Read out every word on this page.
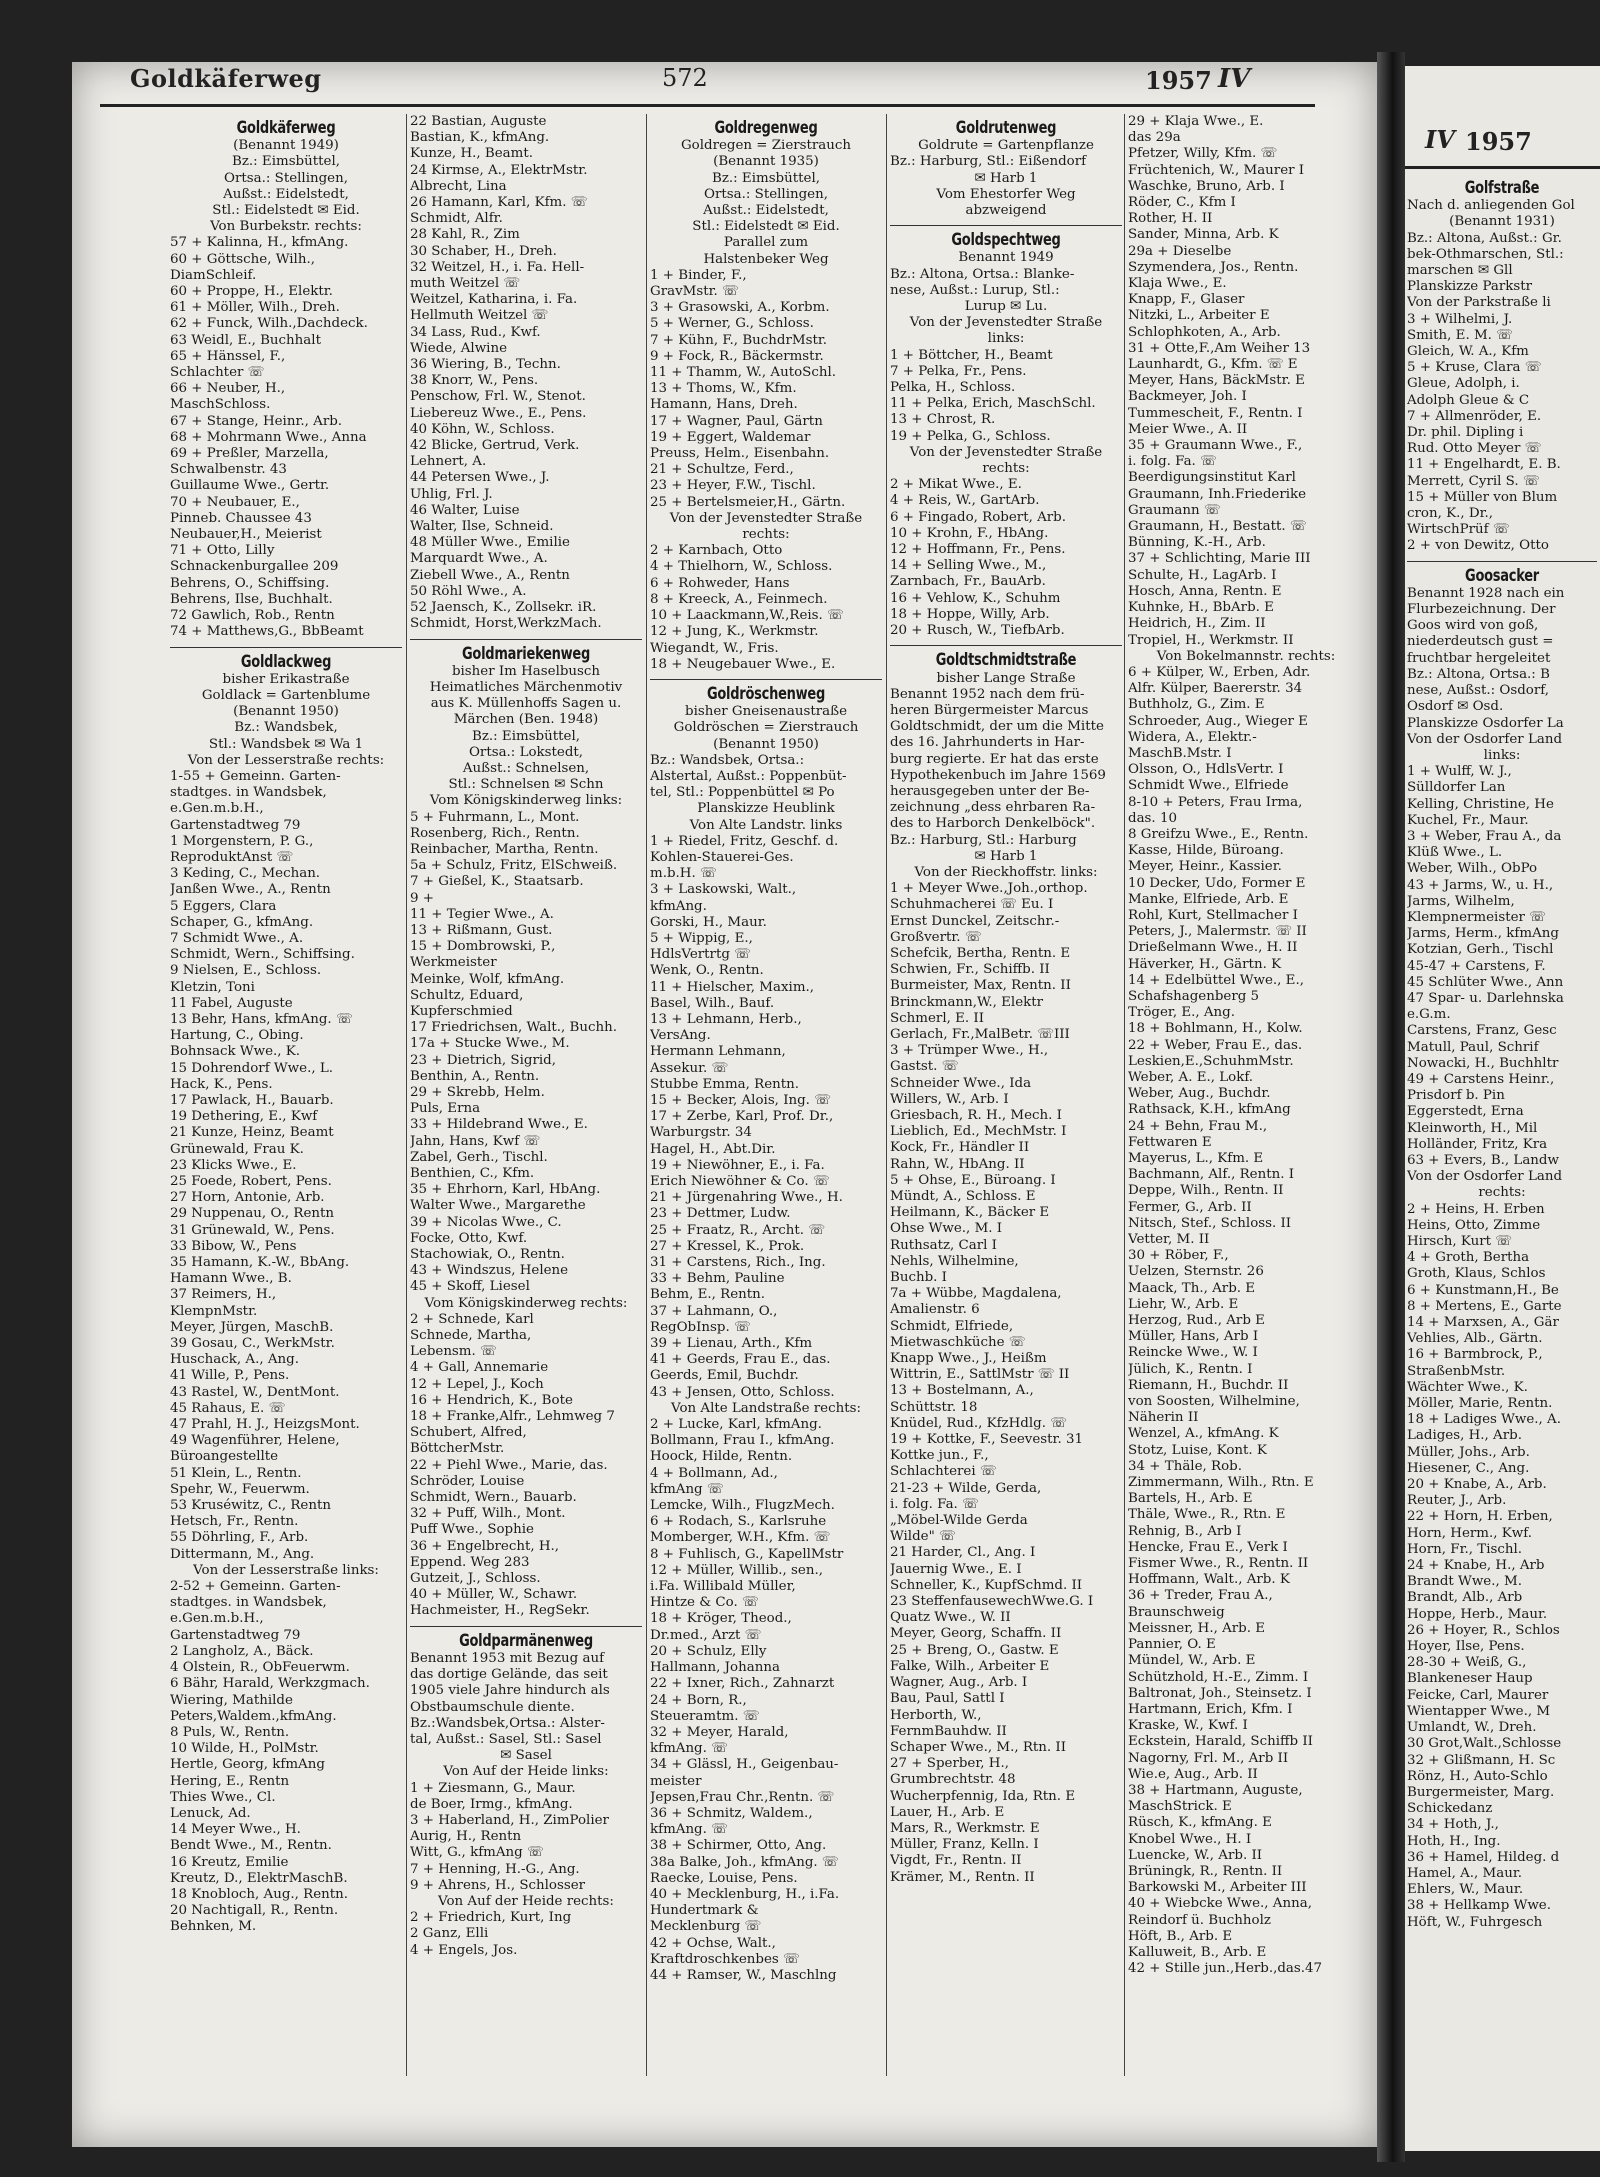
IV 1957
Golfstraße
Nach d. anliegenden Gol
(Benannt 1931)
Bz.: Altona, Außst.: Gr.
bek-Othmarschen, Stl.:
marschen ✉ Gll
Planskizze Parkstr
Von der Parkstraße li
3 + Wilhelmi, J.
Smith, E. M. ☏
Gleich, W. A., Kfm
5 + Kruse, Clara ☏
Gleue, Adolph, i.
Adolph Gleue & C
7 + Allmenröder, E.
Dr. phil. Dipling i
Rud. Otto Meyer ☏
11 + Engelhardt, E. B.
Merrett, Cyril S. ☏
15 + Müller von Blum
cron, K., Dr.,
WirtschPrüf ☏
2 + von Dewitz, Otto
Goosacker
Benannt 1928 nach ein
Flurbezeichnung. Der
Goos wird von goß,
niederdeutsch gust =
fruchtbar hergeleitet
Bz.: Altona, Ortsa.: B
nese, Außst.: Osdorf,
Osdorf ✉ Osd.
Planskizze Osdorfer La
Von der Osdorfer Land
links:
1 + Wulff, W. J.,
Sülldorfer Lan
Kelling, Christine, He
Kuchel, Fr., Maur.
3 + Weber, Frau A., da
Klüß Wwe., L.
Weber, Wilh., ObPo
43 + Jarms, W., u. H.,
Jarms, Wilhelm,
Klempnermeister ☏
Jarms, Herm., kfmAng
Kotzian, Gerh., Tischl
45-47 + Carstens, F.
45 Schlüter Wwe., Ann
47 Spar- u. Darlehnska
e.G.m.
Carstens, Franz, Gesc
Matull, Paul, Schrif
Nowacki, H., Buchhltr
49 + Carstens Heinr.,
Prisdorf b. Pin
Eggerstedt, Erna
Kleinworth, H., Mil
Holländer, Fritz, Kra
63 + Evers, B., Landw
Von der Osdorfer Land
rechts:
2 + Heins, H. Erben
Heins, Otto, Zimme
Hirsch, Kurt ☏
4 + Groth, Bertha
Groth, Klaus, Schlos
6 + Kunstmann,H., Be
8 + Mertens, E., Garte
14 + Marxsen, A., Gär
Vehlies, Alb., Gärtn.
16 + Barmbrock, P.,
StraßenbMstr.
Wächter Wwe., K.
Möller, Marie, Rentn.
18 + Ladiges Wwe., A.
Ladiges, H., Arb.
Müller, Johs., Arb.
Hiesener, C., Ang.
20 + Knabe, A., Arb.
Reuter, J., Arb.
22 + Horn, H. Erben,
Horn, Herm., Kwf.
Horn, Fr., Tischl.
24 + Knabe, H., Arb
Brandt Wwe., M.
Brandt, Alb., Arb
Hoppe, Herb., Maur.
26 + Hoyer, R., Schlos
Hoyer, Ilse, Pens.
28-30 + Weiß, G.,
Blankeneser Haup
Feicke, Carl, Maurer
Wientapper Wwe., M
Umlandt, W., Dreh.
30 Grot,Walt.,Schlosse
32 + Glißmann, H. Sc
Rönz, H., Auto-Schlo
Burgermeister, Marg.
Schickedanz
34 + Hoth, J.,
Hoth, H., Ing.
36 + Hamel, Hildeg. d
Hamel, A., Maur.
Ehlers, W., Maur.
38 + Hellkamp Wwe.
Höft, W., Fuhrgesch
Goldkäferweg	572	1957 IV
Goldkäferweg
(Benannt 1949)
Bz.: Eimsbüttel,
Ortsa.: Stellingen,
Außst.: Eidelstedt,
Stl.: Eidelstedt ✉ Eid.
Von Burbekstr. rechts:
57 + Kalinna, H., kfmAng.
60 + Göttsche, Wilh.,
DiamSchleif.
60 + Proppe, H., Elektr.
61 + Möller, Wilh., Dreh.
62 + Funck, Wilh.,Dachdeck.
63 Weidl, E., Buchhalt
65 + Hänssel, F.,
Schlachter ☏
66 + Neuber, H.,
MaschSchloss.
67 + Stange, Heinr., Arb.
68 + Mohrmann Wwe., Anna
69 + Preßler, Marzella,
Schwalbenstr. 43
Guillaume Wwe., Gertr.
70 + Neubauer, E.,
Pinneb. Chaussee 43
Neubauer,H., Meierist
71 + Otto, Lilly
Schnackenburgallee 209
Behrens, O., Schiffsing.
Behrens, Ilse, Buchhalt.
72 Gawlich, Rob., Rentn
74 + Matthews,G., BbBeamt
Goldlackweg
bisher Erikastraße
Goldlack = Gartenblume
(Benannt 1950)
Bz.: Wandsbek,
Stl.: Wandsbek ✉ Wa 1
Von der Lesserstraße rechts:
1-55 + Gemeinn. Garten-
stadtges. in Wandsbek,
e.Gen.m.b.H.,
Gartenstadtweg 79
1 Morgenstern, P. G.,
ReproduktAnst ☏
3 Keding, C., Mechan.
Janßen Wwe., A., Rentn
5 Eggers, Clara
Schaper, G., kfmAng.
7 Schmidt Wwe., A.
Schmidt, Wern., Schiffsing.
9 Nielsen, E., Schloss.
Kletzin, Toni
11 Fabel, Auguste
13 Behr, Hans, kfmAng. ☏
Hartung, C., Obing.
Bohnsack Wwe., K.
15 Dohrendorf Wwe., L.
Hack, K., Pens.
17 Pawlack, H., Bauarb.
19 Dethering, E., Kwf
21 Kunze, Heinz, Beamt
Grünewald, Frau K.
23 Klicks Wwe., E.
25 Foede, Robert, Pens.
27 Horn, Antonie, Arb.
29 Nuppenau, O., Rentn
31 Grünewald, W., Pens.
33 Bibow, W., Pens
35 Hamann, K.-W., BbAng.
Hamann Wwe., B.
37 Reimers, H.,
KlempnMstr.
Meyer, Jürgen, MaschB.
39 Gosau, C., WerkMstr.
Huschack, A., Ang.
41 Wille, P., Pens.
43 Rastel, W., DentMont.
45 Rahaus, E. ☏
47 Prahl, H. J., HeizgsMont.
49 Wagenführer, Helene,
Büroangestellte
51 Klein, L., Rentn.
Spehr, W., Feuerwm.
53 Kruséwitz, C., Rentn
Hetsch, Fr., Rentn.
55 Döhrling, F., Arb.
Dittermann, M., Ang.
Von der Lesserstraße links:
2-52 + Gemeinn. Garten-
stadtges. in Wandsbek,
e.Gen.m.b.H.,
Gartenstadtweg 79
2 Langholz, A., Bäck.
4 Olstein, R., ObFeuerwm.
6 Bähr, Harald, Werkzgmach.
Wiering, Mathilde
Peters,Waldem.,kfmAng.
8 Puls, W., Rentn.
10 Wilde, H., PolMstr.
Hertle, Georg, kfmAng
Hering, E., Rentn
Thies Wwe., Cl.
Lenuck, Ad.
14 Meyer Wwe., H.
Bendt Wwe., M., Rentn.
16 Kreutz, Emilie
Kreutz, D., ElektrMaschB.
18 Knobloch, Aug., Rentn.
20 Nachtigall, R., Rentn.
Behnken, M.
22 Bastian, Auguste
Bastian, K., kfmAng.
Kunze, H., Beamt.
24 Kirmse, A., ElektrMstr.
Albrecht, Lina
26 Hamann, Karl, Kfm. ☏
Schmidt, Alfr.
28 Kahl, R., Zim
30 Schaber, H., Dreh.
32 Weitzel, H., i. Fa. Hell-
muth Weitzel ☏
Weitzel, Katharina, i. Fa.
Hellmuth Weitzel ☏
34 Lass, Rud., Kwf.
Wiede, Alwine
36 Wiering, B., Techn.
38 Knorr, W., Pens.
Penschow, Frl. W., Stenot.
Liebereuz Wwe., E., Pens.
40 Köhn, W., Schloss.
42 Blicke, Gertrud, Verk.
Lehnert, A.
44 Petersen Wwe., J.
Uhlig, Frl. J.
46 Walter, Luise
Walter, Ilse, Schneid.
48 Müller Wwe., Emilie
Marquardt Wwe., A.
Ziebell Wwe., A., Rentn
50 Röhl Wwe., A.
52 Jaensch, K., Zollsekr. iR.
Schmidt, Horst,WerkzMach.
Goldmariekenweg
bisher Im Haselbusch
Heimatliches Märchenmotiv
aus K. Müllenhoffs Sagen u.
Märchen (Ben. 1948)
Bz.: Eimsbüttel,
Ortsa.: Lokstedt,
Außst.: Schnelsen,
Stl.: Schnelsen ✉ Schn
Vom Königskinderweg links:
5 + Fuhrmann, L., Mont.
Rosenberg, Rich., Rentn.
Reinbacher, Martha, Rentn.
5a + Schulz, Fritz, ElSchweiß.
7 + Gießel, K., Staatsarb.
9 +
11 + Tegier Wwe., A.
13 + Rißmann, Gust.
15 + Dombrowski, P.,
Werkmeister
Meinke, Wolf, kfmAng.
Schultz, Eduard,
Kupferschmied
17 Friedrichsen, Walt., Buchh.
17a + Stucke Wwe., M.
23 + Dietrich, Sigrid,
Benthin, A., Rentn.
29 + Skrebb, Helm.
Puls, Erna
33 + Hildebrand Wwe., E.
Jahn, Hans, Kwf ☏
Zabel, Gerh., Tischl.
Benthien, C., Kfm.
35 + Ehrhorn, Karl, HbAng.
Walter Wwe., Margarethe
39 + Nicolas Wwe., C.
Focke, Otto, Kwf.
Stachowiak, O., Rentn.
43 + Windszus, Helene
45 + Skoff, Liesel
Vom Königskinderweg rechts:
2 + Schnede, Karl
Schnede, Martha,
Lebensm. ☏
4 + Gall, Annemarie
12 + Lepel, J., Koch
16 + Hendrich, K., Bote
18 + Franke,Alfr., Lehmweg 7
Schubert, Alfred,
BöttcherMstr.
22 + Piehl Wwe., Marie, das.
Schröder, Louise
Schmidt, Wern., Bauarb.
32 + Puff, Wilh., Mont.
Puff Wwe., Sophie
36 + Engelbrecht, H.,
Eppend. Weg 283
Gutzeit, J., Schloss.
40 + Müller, W., Schawr.
Hachmeister, H., RegSekr.
Goldparmänenweg
Benannt 1953 mit Bezug auf
das dortige Gelände, das seit
1905 viele Jahre hindurch als
Obstbaumschule diente.
Bz.:Wandsbek,Ortsa.: Alster-
tal, Außst.: Sasel, Stl.: Sasel
✉ Sasel
Von Auf der Heide links:
1 + Ziesmann, G., Maur.
de Boer, Irmg., kfmAng.
3 + Haberland, H., ZimPolier
Aurig, H., Rentn
Witt, G., kfmAng ☏
7 + Henning, H.-G., Ang.
9 + Ahrens, H., Schlosser
Von Auf der Heide rechts:
2 + Friedrich, Kurt, Ing
2 Ganz, Elli
4 + Engels, Jos.
Goldregenweg
Goldregen = Zierstrauch
(Benannt 1935)
Bz.: Eimsbüttel,
Ortsa.: Stellingen,
Außst.: Eidelstedt,
Stl.: Eidelstedt ✉ Eid.
Parallel zum
Halstenbeker Weg
1 + Binder, F.,
GravMstr. ☏
3 + Grasowski, A., Korbm.
5 + Werner, G., Schloss.
7 + Kühn, F., BuchdrMstr.
9 + Fock, R., Bäckermstr.
11 + Thamm, W., AutoSchl.
13 + Thoms, W., Kfm.
Hamann, Hans, Dreh.
17 + Wagner, Paul, Gärtn
19 + Eggert, Waldemar
Preuss, Helm., Eisenbahn.
21 + Schultze, Ferd.,
23 + Heyer, F.W., Tischl.
25 + Bertelsmeier,H., Gärtn.
Von der Jevenstedter Straße
rechts:
2 + Karnbach, Otto
4 + Thielhorn, W., Schloss.
6 + Rohweder, Hans
8 + Kreeck, A., Feinmech.
10 + Laackmann,W.,Reis. ☏
12 + Jung, K., Werkmstr.
Wiegandt, W., Fris.
18 + Neugebauer Wwe., E.
Goldröschenweg
bisher Gneisenaustraße
Goldröschen = Zierstrauch
(Benannt 1950)
Bz.: Wandsbek, Ortsa.:
Alstertal, Außst.: Poppenbüt-
tel, Stl.: Poppenbüttel ✉ Po
Planskizze Heublink
Von Alte Landstr. links
1 + Riedel, Fritz, Geschf. d.
Kohlen-Stauerei-Ges.
m.b.H. ☏
3 + Laskowski, Walt.,
kfmAng.
Gorski, H., Maur.
5 + Wippig, E.,
HdlsVertrtg ☏
Wenk, O., Rentn.
11 + Hielscher, Maxim.,
Basel, Wilh., Bauf.
13 + Lehmann, Herb.,
VersAng.
Hermann Lehmann,
Assekur. ☏
Stubbe Emma, Rentn.
15 + Becker, Alois, Ing. ☏
17 + Zerbe, Karl, Prof. Dr.,
Warburgstr. 34
Hagel, H., Abt.Dir.
19 + Niewöhner, E., i. Fa.
Erich Niewöhner & Co. ☏
21 + Jürgenahring Wwe., H.
23 + Dettmer, Ludw.
25 + Fraatz, R., Archt. ☏
27 + Kressel, K., Prok.
31 + Carstens, Rich., Ing.
33 + Behm, Pauline
Behm, E., Rentn.
37 + Lahmann, O.,
RegObInsp. ☏
39 + Lienau, Arth., Kfm
41 + Geerds, Frau E., das.
Geerds, Emil, Buchdr.
43 + Jensen, Otto, Schloss.
Von Alte Landstraße rechts:
2 + Lucke, Karl, kfmAng.
Bollmann, Frau I., kfmAng.
Hoock, Hilde, Rentn.
4 + Bollmann, Ad.,
kfmAng ☏
Lemcke, Wilh., FlugzMech.
6 + Rodach, S., Karlsruhe
Momberger, W.H., Kfm. ☏
8 + Fuhlisch, G., KapellMstr
12 + Müller, Willib., sen.,
i.Fa. Willibald Müller,
Hintze & Co. ☏
18 + Kröger, Theod.,
Dr.med., Arzt ☏
20 + Schulz, Elly
Hallmann, Johanna
22 + Ixner, Rich., Zahnarzt
24 + Born, R.,
Steueramtm. ☏
32 + Meyer, Harald,
kfmAng. ☏
34 + Glässl, H., Geigenbau-
meister
Jepsen,Frau Chr.,Rentn. ☏
36 + Schmitz, Waldem.,
kfmAng. ☏
38 + Schirmer, Otto, Ang.
38a Balke, Joh., kfmAng. ☏
Raecke, Louise, Pens.
40 + Mecklenburg, H., i.Fa.
Hundertmark &
Mecklenburg ☏
42 + Ochse, Walt.,
Kraftdroschkenbes ☏
44 + Ramser, W., Maschlng
Goldrutenweg
Goldrute = Gartenpflanze
Bz.: Harburg, Stl.: Eißendorf
✉ Harb 1
Vom Ehestorfer Weg
abzweigend
Goldspechtweg
Benannt 1949
Bz.: Altona, Ortsa.: Blanke-
nese, Außst.: Lurup, Stl.:
Lurup ✉ Lu.
Von der Jevenstedter Straße
links:
1 + Böttcher, H., Beamt
7 + Pelka, Fr., Pens.
Pelka, H., Schloss.
11 + Pelka, Erich, MaschSchl.
13 + Chrost, R.
19 + Pelka, G., Schloss.
Von der Jevenstedter Straße
rechts:
2 + Mikat Wwe., E.
4 + Reis, W., GartArb.
6 + Fingado, Robert, Arb.
10 + Krohn, F., HbAng.
12 + Hoffmann, Fr., Pens.
14 + Selling Wwe., M.,
Zarnbach, Fr., BauArb.
16 + Vehlow, K., Schuhm
18 + Hoppe, Willy, Arb.
20 + Rusch, W., TiefbArb.
Goldtschmidtstraße
bisher Lange Straße
Benannt 1952 nach dem frü-
heren Bürgermeister Marcus
Goldtschmidt, der um die Mitte
des 16. Jahrhunderts in Har-
burg regierte. Er hat das erste
Hypothekenbuch im Jahre 1569
herausgegeben unter der Be-
zeichnung „dess ehrbaren Ra-
des to Harborch Denkelböck".
Bz.: Harburg, Stl.: Harburg
✉ Harb 1
Von der Rieckhoffstr. links:
1 + Meyer Wwe.,Joh.,orthop.
Schuhmacherei ☏ Eu. I
Ernst Dunckel, Zeitschr.-
Großvertr. ☏
Schefcik, Bertha, Rentn. E
Schwien, Fr., Schiffb. II
Burmeister, Max, Rentn. II
Brinckmann,W., Elektr
Schmerl, E. II
Gerlach, Fr.,MalBetr. ☏III
3 + Trümper Wwe., H.,
Gastst. ☏
Schneider Wwe., Ida
Willers, W., Arb. I
Griesbach, R. H., Mech. I
Lieblich, Ed., MechMstr. I
Kock, Fr., Händler II
Rahn, W., HbAng. II
5 + Ohse, E., Büroang. I
Mündt, A., Schloss. E
Heilmann, K., Bäcker E
Ohse Wwe., M. I
Ruthsatz, Carl I
Nehls, Wilhelmine,
Buchb. I
7a + Wübbe, Magdalena,
Amalienstr. 6
Schmidt, Elfriede,
Mietwaschküche ☏
Knapp Wwe., J., Heißm
Wittrin, E., SattlMstr ☏ II
13 + Bostelmann, A.,
Schüttstr. 18
Knüdel, Rud., KfzHdlg. ☏
19 + Kottke, F., Seevestr. 31
Kottke jun., F.,
Schlachterei ☏
21-23 + Wilde, Gerda,
i. folg. Fa. ☏
„Möbel-Wilde Gerda
Wilde" ☏
21 Harder, Cl., Ang. I
Jauernig Wwe., E. I
Schneller, K., KupfSchmd. II
23 SteffenfausewechWwe.G. I
Quatz Wwe., W. II
Meyer, Georg, Schaffn. II
25 + Breng, O., Gastw. E
Falke, Wilh., Arbeiter E
Wagner, Aug., Arb. I
Bau, Paul, Sattl I
Herborth, W.,
FernmBauhdw. II
Schaper Wwe., M., Rtn. II
27 + Sperber, H.,
Grumbrechtstr. 48
Wucherpfennig, Ida, Rtn. E
Lauer, H., Arb. E
Mars, R., Werkmstr. E
Müller, Franz, Kelln. I
Vigdt, Fr., Rentn. II
Krämer, M., Rentn. II
29 + Klaja Wwe., E.
das 29a
Pfetzer, Willy, Kfm. ☏
Früchtenich, W., Maurer I
Waschke, Bruno, Arb. I
Röder, C., Kfm I
Rother, H. II
Sander, Minna, Arb. K
29a + Dieselbe
Szymendera, Jos., Rentn.
Klaja Wwe., E.
Knapp, F., Glaser
Nitzki, L., Arbeiter E
Schlophkoten, A., Arb.
31 + Otte,F.,Am Weiher 13
Launhardt, G., Kfm. ☏ E
Meyer, Hans, BäckMstr. E
Backmeyer, Joh. I
Tummescheit, F., Rentn. I
Meier Wwe., A. II
35 + Graumann Wwe., F.,
i. folg. Fa. ☏
Beerdigungsinstitut Karl
Graumann, Inh.Friederike
Graumann ☏
Graumann, H., Bestatt. ☏
Bünning, K.-H., Arb.
37 + Schlichting, Marie III
Schulte, H., LagArb. I
Hosch, Anna, Rentn. E
Kuhnke, H., BbArb. E
Heidrich, H., Zim. II
Tropiel, H., Werkmstr. II
Von Bokelmannstr. rechts:
6 + Külper, W., Erben, Adr.
Alfr. Külper, Baererstr. 34
Buthholz, G., Zim. E
Schroeder, Aug., Wieger E
Widera, A., Elektr.-
MaschB.Mstr. I
Olsson, O., HdlsVertr. I
Schmidt Wwe., Elfriede
8-10 + Peters, Frau Irma,
das. 10
8 Greifzu Wwe., E., Rentn.
Kasse, Hilde, Büroang.
Meyer, Heinr., Kassier.
10 Decker, Udo, Former E
Manke, Elfriede, Arb. E
Rohl, Kurt, Stellmacher I
Peters, J., Malermstr. ☏ II
Drießelmann Wwe., H. II
Häverker, H., Gärtn. K
14 + Edelbüttel Wwe., E.,
Schafshagenberg 5
Tröger, E., Ang.
18 + Bohlmann, H., Kolw.
22 + Weber, Frau E., das.
Leskien,E.,SchuhmMstr.
Weber, A. E., Lokf.
Weber, Aug., Buchdr.
Rathsack, K.H., kfmAng
24 + Behn, Frau M.,
Fettwaren E
Mayerus, L., Kfm. E
Bachmann, Alf., Rentn. I
Deppe, Wilh., Rentn. II
Fermer, G., Arb. II
Nitsch, Stef., Schloss. II
Vetter, M. II
30 + Röber, F.,
Uelzen, Sternstr. 26
Maack, Th., Arb. E
Liehr, W., Arb. E
Herzog, Rud., Arb E
Müller, Hans, Arb I
Reincke Wwe., W. I
Jülich, K., Rentn. I
Riemann, H., Buchdr. II
von Soosten, Wilhelmine,
Näherin II
Wenzel, A., kfmAng. K
Stotz, Luise, Kont. K
34 + Thäle, Rob.
Zimmermann, Wilh., Rtn. E
Bartels, H., Arb. E
Thäle, Wwe., R., Rtn. E
Rehnig, B., Arb I
Hencke, Frau E., Verk I
Fismer Wwe., R., Rentn. II
Hoffmann, Walt., Arb. K
36 + Treder, Frau A.,
Braunschweig
Meissner, H., Arb. E
Pannier, O. E
Mündel, W., Arb. E
Schützhold, H.-E., Zimm. I
Baltronat, Joh., Steinsetz. I
Hartmann, Erich, Kfm. I
Kraske, W., Kwf. I
Eckstein, Harald, Schiffb II
Nagorny, Frl. M., Arb II
Wie.e, Aug., Arb. II
38 + Hartmann, Auguste,
MaschStrick. E
Rüsch, K., kfmAng. E
Knobel Wwe., H. I
Luencke, W., Arb. II
Brüningk, R., Rentn. II
Barkowski M., Arbeiter III
40 + Wiebcke Wwe., Anna,
Reindorf ü. Buchholz
Höft, B., Arb. E
Kalluweit, B., Arb. E
42 + Stille jun.,Herb.,das.47
